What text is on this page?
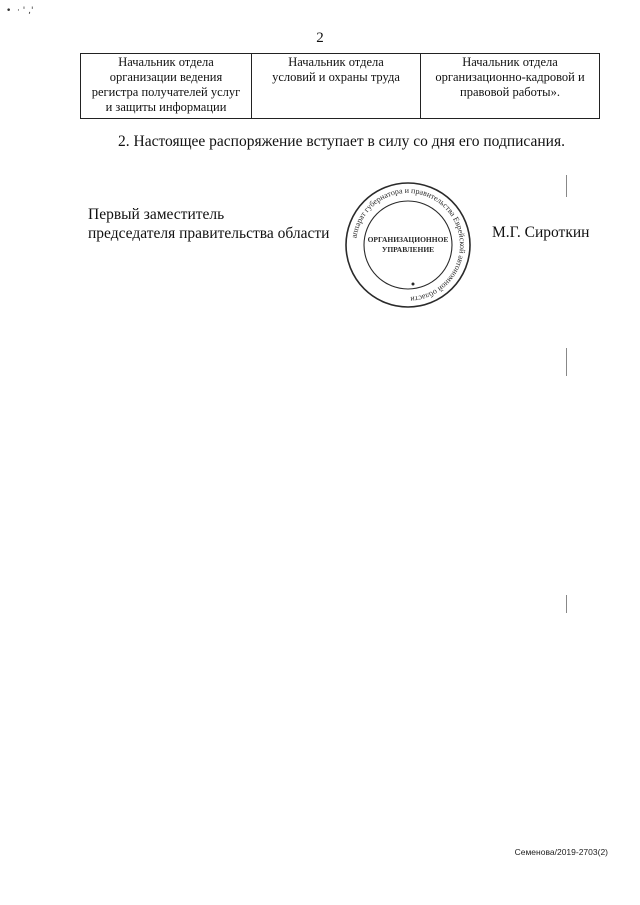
•  · ' ,'
2
Начальник отдела
организации ведения
регистра получателей услуг
и защиты информации

Начальник отдела
условий и охраны труда

Начальник отдела
организационно-кадровой и
правовой работы».
2. Настоящее распоряжение вступает в силу со дня его подписания.
Первый заместитель
председателя правительства области	аппарат губернатора и правительства Еврейской автономной области
ОРГАНИЗАЦИОННОЕ
УПРАВЛЕНИЕ
М.Г. Сироткин
Семенова/2019-2703(2)
